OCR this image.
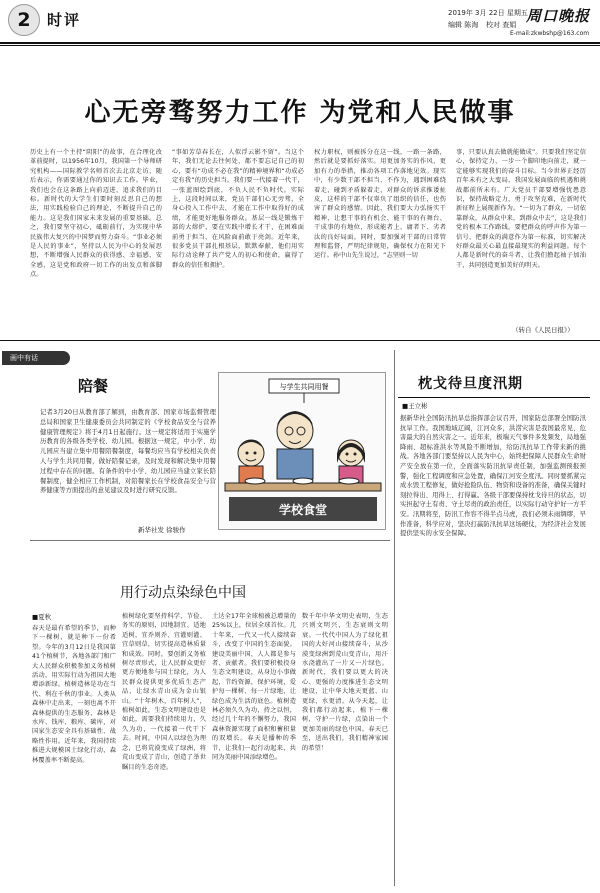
2	时评	2019年 3月 22日 星期五
编辑 陈淘 校对 查娟
E-mail:zkwbshp@163.com
周口晚报
心无旁骛努力工作 为党和人民做事
历史上有一个主持“阴阳”的故事，在合理化改革前提时，以1956年10月，我国第一个导师研究机构——国际教学名师首次去北京走访，随后表示，你需要通过你的知识去工作。毕业，我们也会在这条路上向前迈进，追求我们的目标。新时代的大学生们要时刻反思自己的想法，用实践检验自己的理论，不断提升自己的能力。这是我们国家未来发展的重要基础。总之，我们要坚守初心，砥砺前行，为实现中华民族伟大复兴的中国梦而努力奋斗。“事业必须是人民的事业”，坚持以人民为中心的发展思想，不断增强人民群众的获得感、幸福感、安全感，这是党和政府一切工作的出发点和落脚点。
“事如芳草春长在，人似浮云影不留”。当这个年，我们无论去往何处，都不要忘记自己的初心，要有“功成不必在我”的精神境界和“功成必定有我”的历史担当。我们要一代接着一代干，一张蓝图绘到底，不负人民不负时代。实际上，这段时间以来，党员干部们心无旁骛，全身心投入工作中去，才能在工作中取得好的成绩，才能更好地服务群众。基层一线是锻炼干部的大熔炉，要在实践中增长才干，在困难面前勇于担当，在风险面前敢于亮剑。近年来，很多党员干部扎根基层，默默奉献，他们用实际行动诠释了共产党人的初心和使命，赢得了群众的信任和拥护。
权力职权，则被拆分在这一线，一路一条路，然后就是要抓好落实。用更加务实的作风、更加有力的举措，推动各项工作落地见效。现实中，有少数干部不担当、不作为，遇到困难绕着走，碰到矛盾躲着走，对群众的诉求推诿扯皮，这样的干部不仅辜负了组织的信任，也伤害了群众的感情。因此，我们要大力弘扬实干精神，让想干事的有机会、能干事的有舞台、干成事的有地位，形成能者上、庸者下、劣者汰的良好局面。同时，要加强对干部的日常管理和监督，严明纪律规矩，确保权力在阳光下运行。孙中山先生说过，“志坚则一切
事，只要认真去做就能做成”。只要我们坚定信心，保持定力，一步一个脚印地向前走，就一定能够实现我们的奋斗目标。当今世界正经历百年未有之大变局，我国发展面临的机遇和挑战都前所未有。广大党员干部要增强忧患意识，保持战略定力，勇于攻坚克难，在新时代新征程上展现新作为。“一切为了群众，一切依靠群众，从群众中来，到群众中去”，这是我们党的根本工作路线。要把群众的呼声作为第一信号，把群众的满意作为第一标准，切实解决好群众最关心最直接最现实的利益问题。每个人都是新时代的奋斗者，让我们撸起袖子加油干，共同创造更加美好的明天。
（转自《人民日报》）
画中有话
陪餐
记者3月20日从教育部了解到，由教育部、国家市场监督管理总局和国家卫生健康委员会共同制定的《学校食品安全与营养健康管理规定》将于4月1日起施行。这一规定将适用于实施学历教育的各级各类学校、幼儿园。根据这一规定，中小学、幼儿园应当建立集中用餐陪餐制度，每餐均应当有学校相关负责人与学生共同用餐，做好陪餐记录，及时发现和解决集中用餐过程中存在的问题。有条件的中小学、幼儿园应当建立家长陪餐制度，健全相应工作机制，对陪餐家长在学校食品安全与营养健康等方面提出的意见建议及时进行研究反馈。
新华社发 徐骏作
与学生共同用餐
学校食堂
枕戈待旦度汛期
■王立彬
据新华社全国防汛抗旱总指挥部会议召开，国家防总部署全国防汛抗旱工作。我国地域辽阔，江河众多，洪涝灾害是我国最常见、危害最大的自然灾害之一。近年来，极端天气事件多发频发，局地强降雨、超标准洪水等风险不断增加，给防汛抗旱工作带来新的挑战。各地各部门要坚持以人民为中心，始终把保障人民群众生命财产安全放在第一位，全面落实防汛抗旱责任制，加强监测预报预警，强化工程调度和应急处置，确保江河安全度汛。同时要抓紧完成水毁工程修复，做好抢险队伍、物资和设备的准备，确保关键时刻拉得出、用得上、打得赢。各级干部要保持枕戈待旦的状态，切实担起守土有责、守土尽责的政治责任，以实际行动守护好一方平安。汛期将至，防汛工作容不得半点马虎，我们必须未雨绸缪，早作准备，科学应对，坚决打赢防汛抗旱这场硬仗，为经济社会发展提供坚实的水安全保障。
用行动点染绿色中国
■夏秋
春天是最有希望的季节，而种下一棵树，就是种下一份希望。今年的3月12日是我国第41个植树节，各地各部门和广大人民群众积极参加义务植树活动，用实际行动为祖国大地增添新绿。植树造林是功在当代、利在千秋的事业。人类从森林中走出来，一刻也离不开森林提供的生态服务，森林是水库、钱库、粮库、碳库，对国家生态安全具有基础性、战略性作用。近年来，我国持续推进大规模国土绿化行动，森林覆盖率不断提高。
植树绿化要坚持科学、节俭、务实的原则，因地制宜、适地适树，宜乔则乔、宜灌则灌、宜草则草，切实提高造林质量和成效。同时，要创新义务植树尽责形式，让人民群众更好更方便地参与国土绿化，为人民群众提供更多优质生态产品，让绿水青山成为金山银山。“十年树木，百年树人”，植树如此，生态文明建设也是如此，需要我们持续用力，久久为功，一代接着一代干下去。时间，中国人以绿色为理念，已将荒漠变成了绿洲，将荒山变成了青山，创造了举世瞩目的生态奇迹。
土达全17年全球植被总增量的25%以上，位居全球首位。几十年来，一代又一代人接续奋斗，改变了中国的生态面貌。建设美丽中国，人人都是参与者、贡献者。我们要积极投身生态文明建设，从身边小事做起，节约资源，保护环境，爱护每一棵树、每一片绿地，让绿色成为生活的底色。植树造林必须久久为功，持之以恒，经过几十年的不懈努力，我国森林资源实现了面积和蓄积量的双增长。春天是播种的季节，让我们一起行动起来，共同为美丽中国添绿增色。
数千年中华文明史表明，生态兴则文明兴，生态衰则文明衰。一代代中国人为了绿化祖国的大好河山接续奋斗，从沙漠变绿洲到荒山变青山，用汗水浇灌出了一片又一片绿色。新时代，我们要以更大的决心、更强的力度推进生态文明建设，让中华大地天更蓝、山更绿、水更清。从今天起，让我们都行动起来，植下一棵树，守护一片绿，点染出一个更加美丽的绿色中国。春天已至，送出我们，我们精神家园的希望！
